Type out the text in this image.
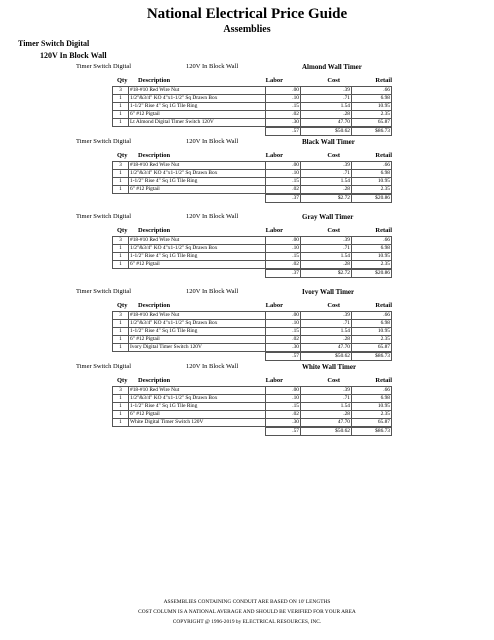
National Electrical Price Guide
Assemblies
Timer Switch Digital
120V In Block Wall
Timer Switch Digital	120V In Block Wall	Almond Wall Timer
Qty Description	Labor	Cost	Retail
3	#18-#10 Red Wire Nut	.00	.39	.66
1	1/2"&3/4" KO 4"x1-1/2" Sq Drawn Box	.10	.71	6.98
1	1-1/2" Rise 4" Sq 1G Tile Ring	.15	1.54	10.95
1	6" #12 Pigtail	.02	.28	2.35
1	Lt Almond Digital Timer Switch 120V	.30	47.70	65.87
.57	$50.62	$86.73
Timer Switch Digital	120V In Block Wall	Black Wall Timer
Qty Description	Labor	Cost	Retail
3	#18-#10 Red Wire Nut	.00	.39	.66
1	1/2"&3/4" KO 4"x1-1/2" Sq Drawn Box	.10	.71	6.98
1	1-1/2" Rise 4" Sq 1G Tile Ring	.15	1.54	10.95
1	6" #12 Pigtail	.02	.28	2.35
.37	$2.72	$20.86
Timer Switch Digital	120V In Block Wall	Gray Wall Timer
Qty Description	Labor	Cost	Retail
3	#18-#10 Red Wire Nut	.00	.39	.66
1	1/2"&3/4" KO 4"x1-1/2" Sq Drawn Box	.10	.71	6.98
1	1-1/2" Rise 4" Sq 1G Tile Ring	.15	1.54	10.95
1	6" #12 Pigtail	.02	.28	2.35
.37	$2.72	$20.86
Timer Switch Digital	120V In Block Wall	Ivory Wall Timer
Qty Description	Labor	Cost	Retail
3	#18-#10 Red Wire Nut	.00	.39	.66
1	1/2"&3/4" KO 4"x1-1/2" Sq Drawn Box	.10	.71	6.98
1	1-1/2" Rise 4" Sq 1G Tile Ring	.15	1.54	10.95
1	6" #12 Pigtail	.02	.28	2.35
1	Ivory Digital Timer Switch 120V	.30	47.70	65.87
.57	$50.62	$86.73
Timer Switch Digital	120V In Block Wall	White Wall Timer
Qty Description	Labor	Cost	Retail
3	#18-#10 Red Wire Nut	.00	.39	.66
1	1/2"&3/4" KO 4"x1-1/2" Sq Drawn Box	.10	.71	6.98
1	1-1/2" Rise 4" Sq 1G Tile Ring	.15	1.54	10.95
1	6" #12 Pigtail	.02	.28	2.35
1	White Digital Timer Switch 120V	.30	47.70	65.87
.57	$50.62	$86.73
ASSEMBLIES CONTAINING CONDUIT ARE BASED ON 10' LENGTHS
COST COLUMN IS A NATIONAL AVERAGE AND SHOULD BE VERIFIED FOR YOUR AREA
COPYRIGHT @ 1996-2019 by ELECTRICAL RESOURCES, INC.
